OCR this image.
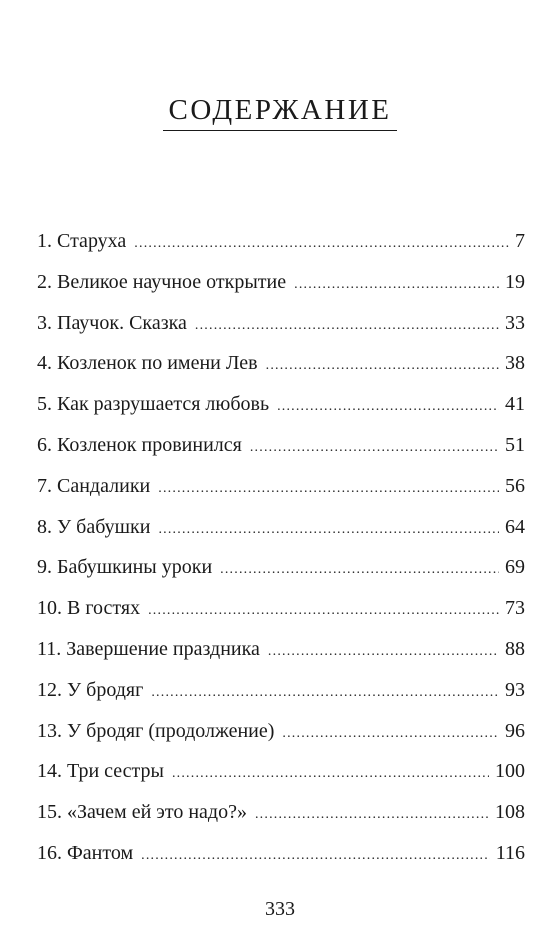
СОДЕРЖАНИЕ
1. Старуха .....	7
2. Великое научное открытие .....	19
3. Паучок. Сказка .....	33
4. Козленок по имени Лев .....	38
5. Как разрушается любовь .....	41
6. Козленок провинился .....	51
7. Сандалики .....	56
8. У бабушки .....	64
9. Бабушкины уроки .....	69
10. В гостях .....	73
11. Завершение праздника .....	88
12. У бродяг .....	93
13. У бродяг (продолжение) .....	96
14. Три сестры .....	100
15. «Зачем ей это надо?» .....	108
16. Фантом .....	116
333
